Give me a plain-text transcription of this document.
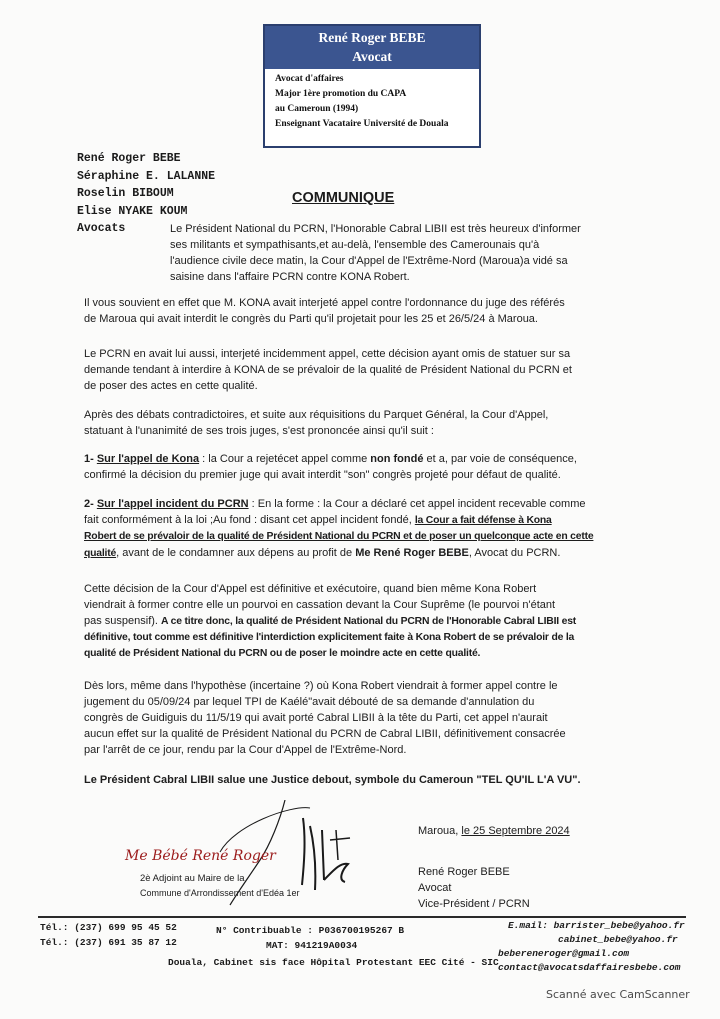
René Roger BEBE
Avocat
Avocat d'affaires
Major 1ère promotion du CAPA
au Cameroun (1994)
Enseignant Vacataire Université de Douala
René Roger BEBE
Séraphine E. LALANNE
Roselin BIBOUM
Elise NYAKE KOUM
Avocats
COMMUNIQUE
Le Président National du PCRN, l'Honorable Cabral LIBII est très heureux d'informer
ses militants et sympathisants,et au-delà, l'ensemble des Camerounais qu'à
l'audience civile dece matin, la Cour d'Appel de l'Extrême-Nord (Maroua)a vidé sa
saisine dans l'affaire PCRN contre KONA Robert.
Il vous souvient en effet que M. KONA avait interjeté appel contre l'ordonnance du juge des référés
de Maroua qui avait interdit le congrès du Parti qu'il projetait pour les 25 et 26/5/24 à Maroua.
Le PCRN en avait lui aussi, interjeté incidemment appel, cette décision ayant omis de statuer sur sa
demande tendant à interdire à KONA de se prévaloir de la qualité de Président National du PCRN et
de poser des actes en cette qualité.
Après des débats contradictoires, et suite aux réquisitions du Parquet Général, la Cour d'Appel,
statuant à l'unanimité de ses trois juges, s'est prononcée ainsi qu'il suit :
1- Sur l'appel de Kona : la Cour a rejetécet appel comme non fondé et a, par voie de conséquence,
confirmé la décision du premier juge qui avait interdit "son" congrès projeté pour défaut de qualité.
2- Sur l'appel incident du PCRN : En la forme : la Cour a déclaré cet appel incident recevable comme
fait conformément à la loi ;Au fond : disant cet appel incident fondé, la Cour a fait défense à Kona
Robert de se prévaloir de la qualité de Président National du PCRN et de poser un quelconque acte en cette
qualité, avant de le condamner aux dépens au profit de Me René Roger BEBE, Avocat du PCRN.
Cette décision de la Cour d'Appel est définitive et exécutoire, quand bien même Kona Robert
viendrait à former contre elle un pourvoi en cassation devant la Cour Suprême (le pourvoi n'étant
pas suspensif). A ce titre donc, la qualité de Président National du PCRN de l'Honorable Cabral LIBII est
définitive, tout comme est définitive l'interdiction explicitement faite à Kona Robert de se prévaloir de la
qualité de Président National du PCRN ou de poser le moindre acte en cette qualité.
Dès lors, même dans l'hypothèse (incertaine ?) où Kona Robert viendrait à former appel contre le
jugement du 05/09/24 par lequel TPI de Kaélé"avait débouté de sa demande d'annulation du
congrès de Guidiguis du 11/5/19 qui avait porté Cabral LIBII à la tête du Parti, cet appel n'aurait
aucun effet sur la qualité de Président National du PCRN de Cabral LIBII, définitivement consacrée
par l'arrêt de ce jour, rendu par la Cour d'Appel de l'Extrême-Nord.
Le Président Cabral LIBII salue une Justice debout, symbole du Cameroun "TEL QU'IL L'A VU".
Me Bébé René Roger
2è Adjoint au Maire de la
Commune d'Arrondissement d'Edéa 1er
Maroua, le 25 Septembre 2024
René Roger BEBE
Avocat
Vice-Président / PCRN
Tél.: (237) 699 95 45 52
Tél.: (237) 691 35 87 12
N° Contribuable : P036700195267 B
MAT: 941219A0034
Douala, Cabinet sis face Hôpital Protestant EEC Cité - SIC
E.mail: barrister_bebe@yahoo.fr
cabinet_bebe@yahoo.fr
bebereneroger@gmail.com
contact@avocatsdaffairesbebe.com
Scanné avec CamScanner
